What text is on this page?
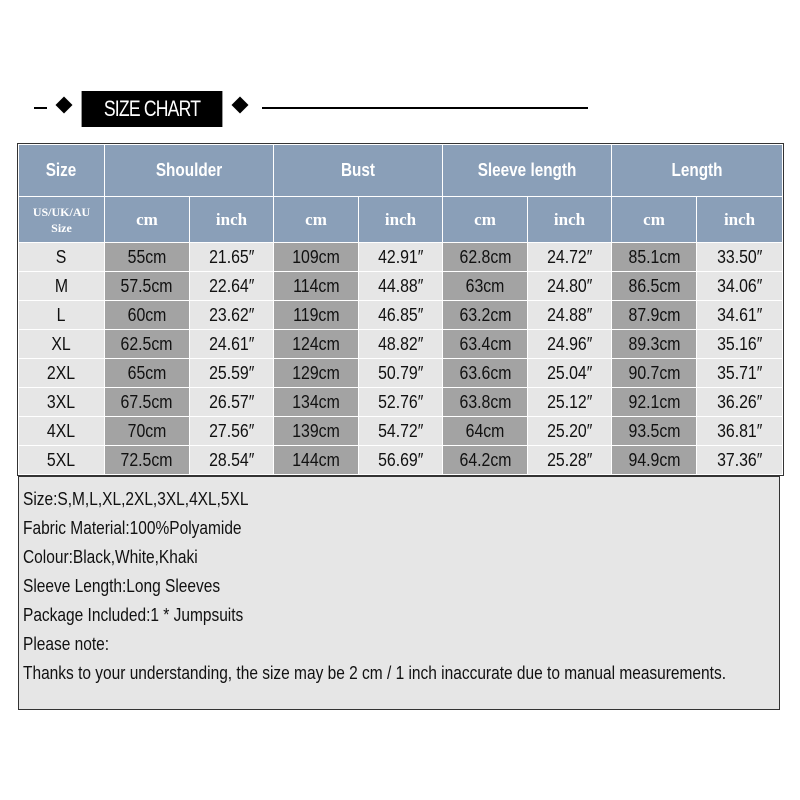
SIZE CHART
Size	Shoulder		Bust		Sleeve length		Length	

US/UK/AU
Size	cm	inch	cm	inch	cm	inch	cm	inch
S	55cm	21.65″	109cm	42.91″	62.8cm	24.72″	85.1cm	33.50″
M	57.5cm	22.64″	114cm	44.88″	63cm	24.80″	86.5cm	34.06″
L	60cm	23.62″	119cm	46.85″	63.2cm	24.88″	87.9cm	34.61″
XL	62.5cm	24.61″	124cm	48.82″	63.4cm	24.96″	89.3cm	35.16″
2XL	65cm	25.59″	129cm	50.79″	63.6cm	25.04″	90.7cm	35.71″
3XL	67.5cm	26.57″	134cm	52.76″	63.8cm	25.12″	92.1cm	36.26″
4XL	70cm	27.56″	139cm	54.72″	64cm	25.20″	93.5cm	36.81″
5XL	72.5cm	28.54″	144cm	56.69″	64.2cm	25.28″	94.9cm	37.36″
Size:S,M,L,XL,2XL,3XL,4XL,5XL
Fabric Material:100%Polyamide
Colour:Black,White,Khaki
Sleeve Length:Long Sleeves
Package Included:1 * Jumpsuits
Please note:
Thanks to your understanding, the size may be 2 cm / 1 inch inaccurate due to manual measurements.
